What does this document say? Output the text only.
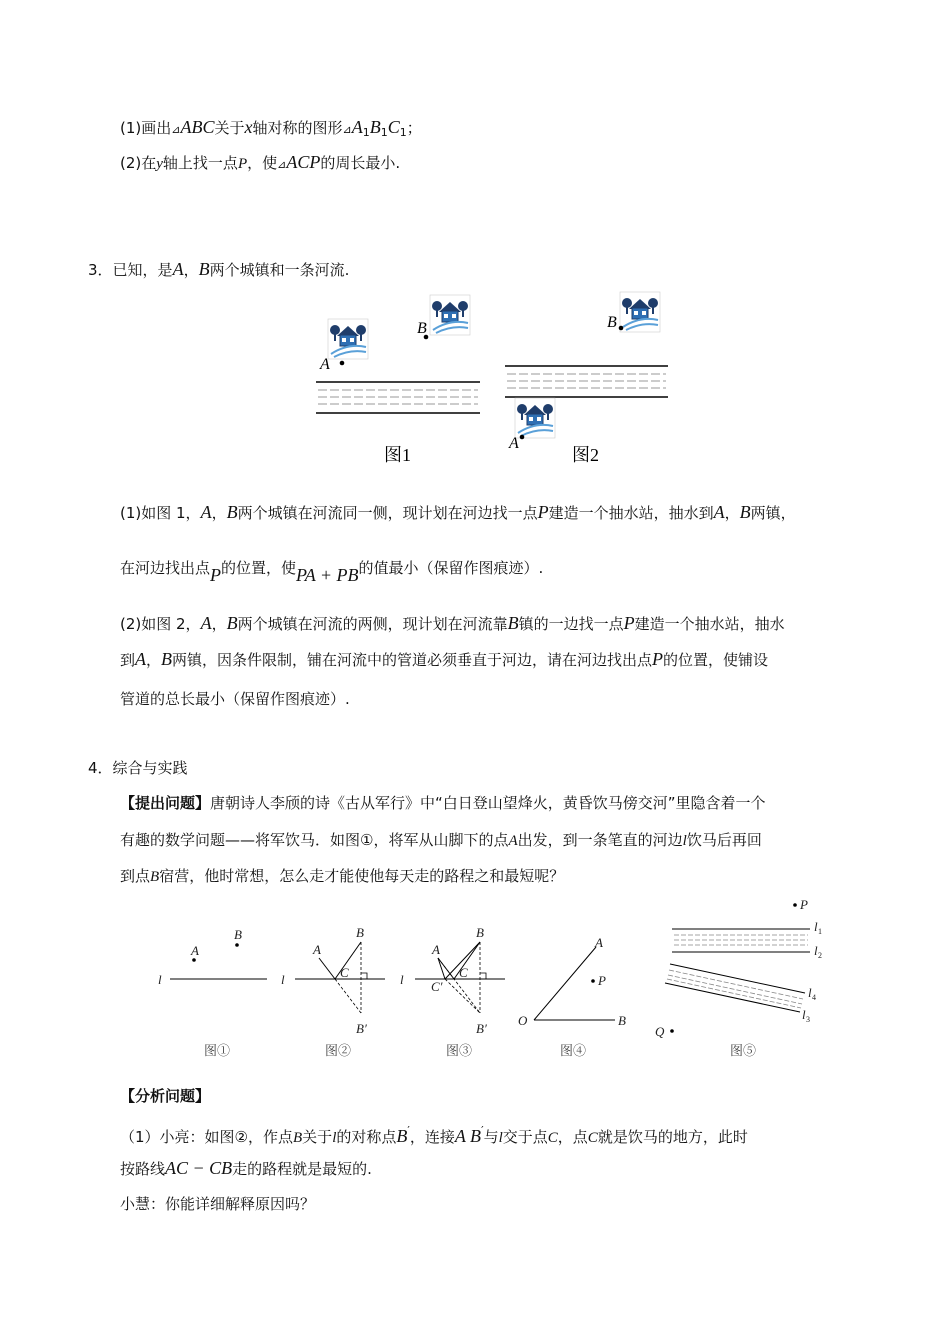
(1)画出⊿ABC关于x轴对称的图形$⊿A_1B_1C_1$；
(2)在y轴上找一点P，使⊿ACP的周长最小.
3．已知，是A，B两个城镇和一条河流.
A
B
图1
B
A
图2
(1)如图 1，A，B两个城镇在河流同一侧，现计划在河边找一点P建造一个抽水站，抽水到A，B两镇，
在河边找出点P的位置，使PA + PB的值最小（保留作图痕迹）.
(2)如图 2，A，B两个城镇在河流的两侧，现计划在河流靠B镇的一边找一点P建造一个抽水站，抽水
到A，B两镇，因条件限制，铺在河流中的管道必须垂直于河边，请在河边找出点P的位置，使铺设
管道的总长最小（保留作图痕迹）.
4．综合与实践
【提出问题】唐朝诗人李颀的诗《古从军行》中“白日登山望烽火，黄昏饮马傍交河”里隐含着一个
有趣的数学问题——将军饮马．如图①，将军从山脚下的点A出发，到一条笔直的河边l饮马后再回
到点B宿营，他时常想，怎么走才能使他每天走的路程之和最短呢？
A
B
l
图①
l
A
B
C
B′
图②
l
A
B
C
C′
B′
图③
O	B
A
P
图④
P
l 1
l 2
l 4
l 3
Q
图⑤
【分析问题】
（1）小亮：如图②，作点B关于l的对称点B′，连接A B′与l交于点C，点C就是饮马的地方，此时
按路线AC − CB走的路程就是最短的.
小慧：你能详细解释原因吗？
